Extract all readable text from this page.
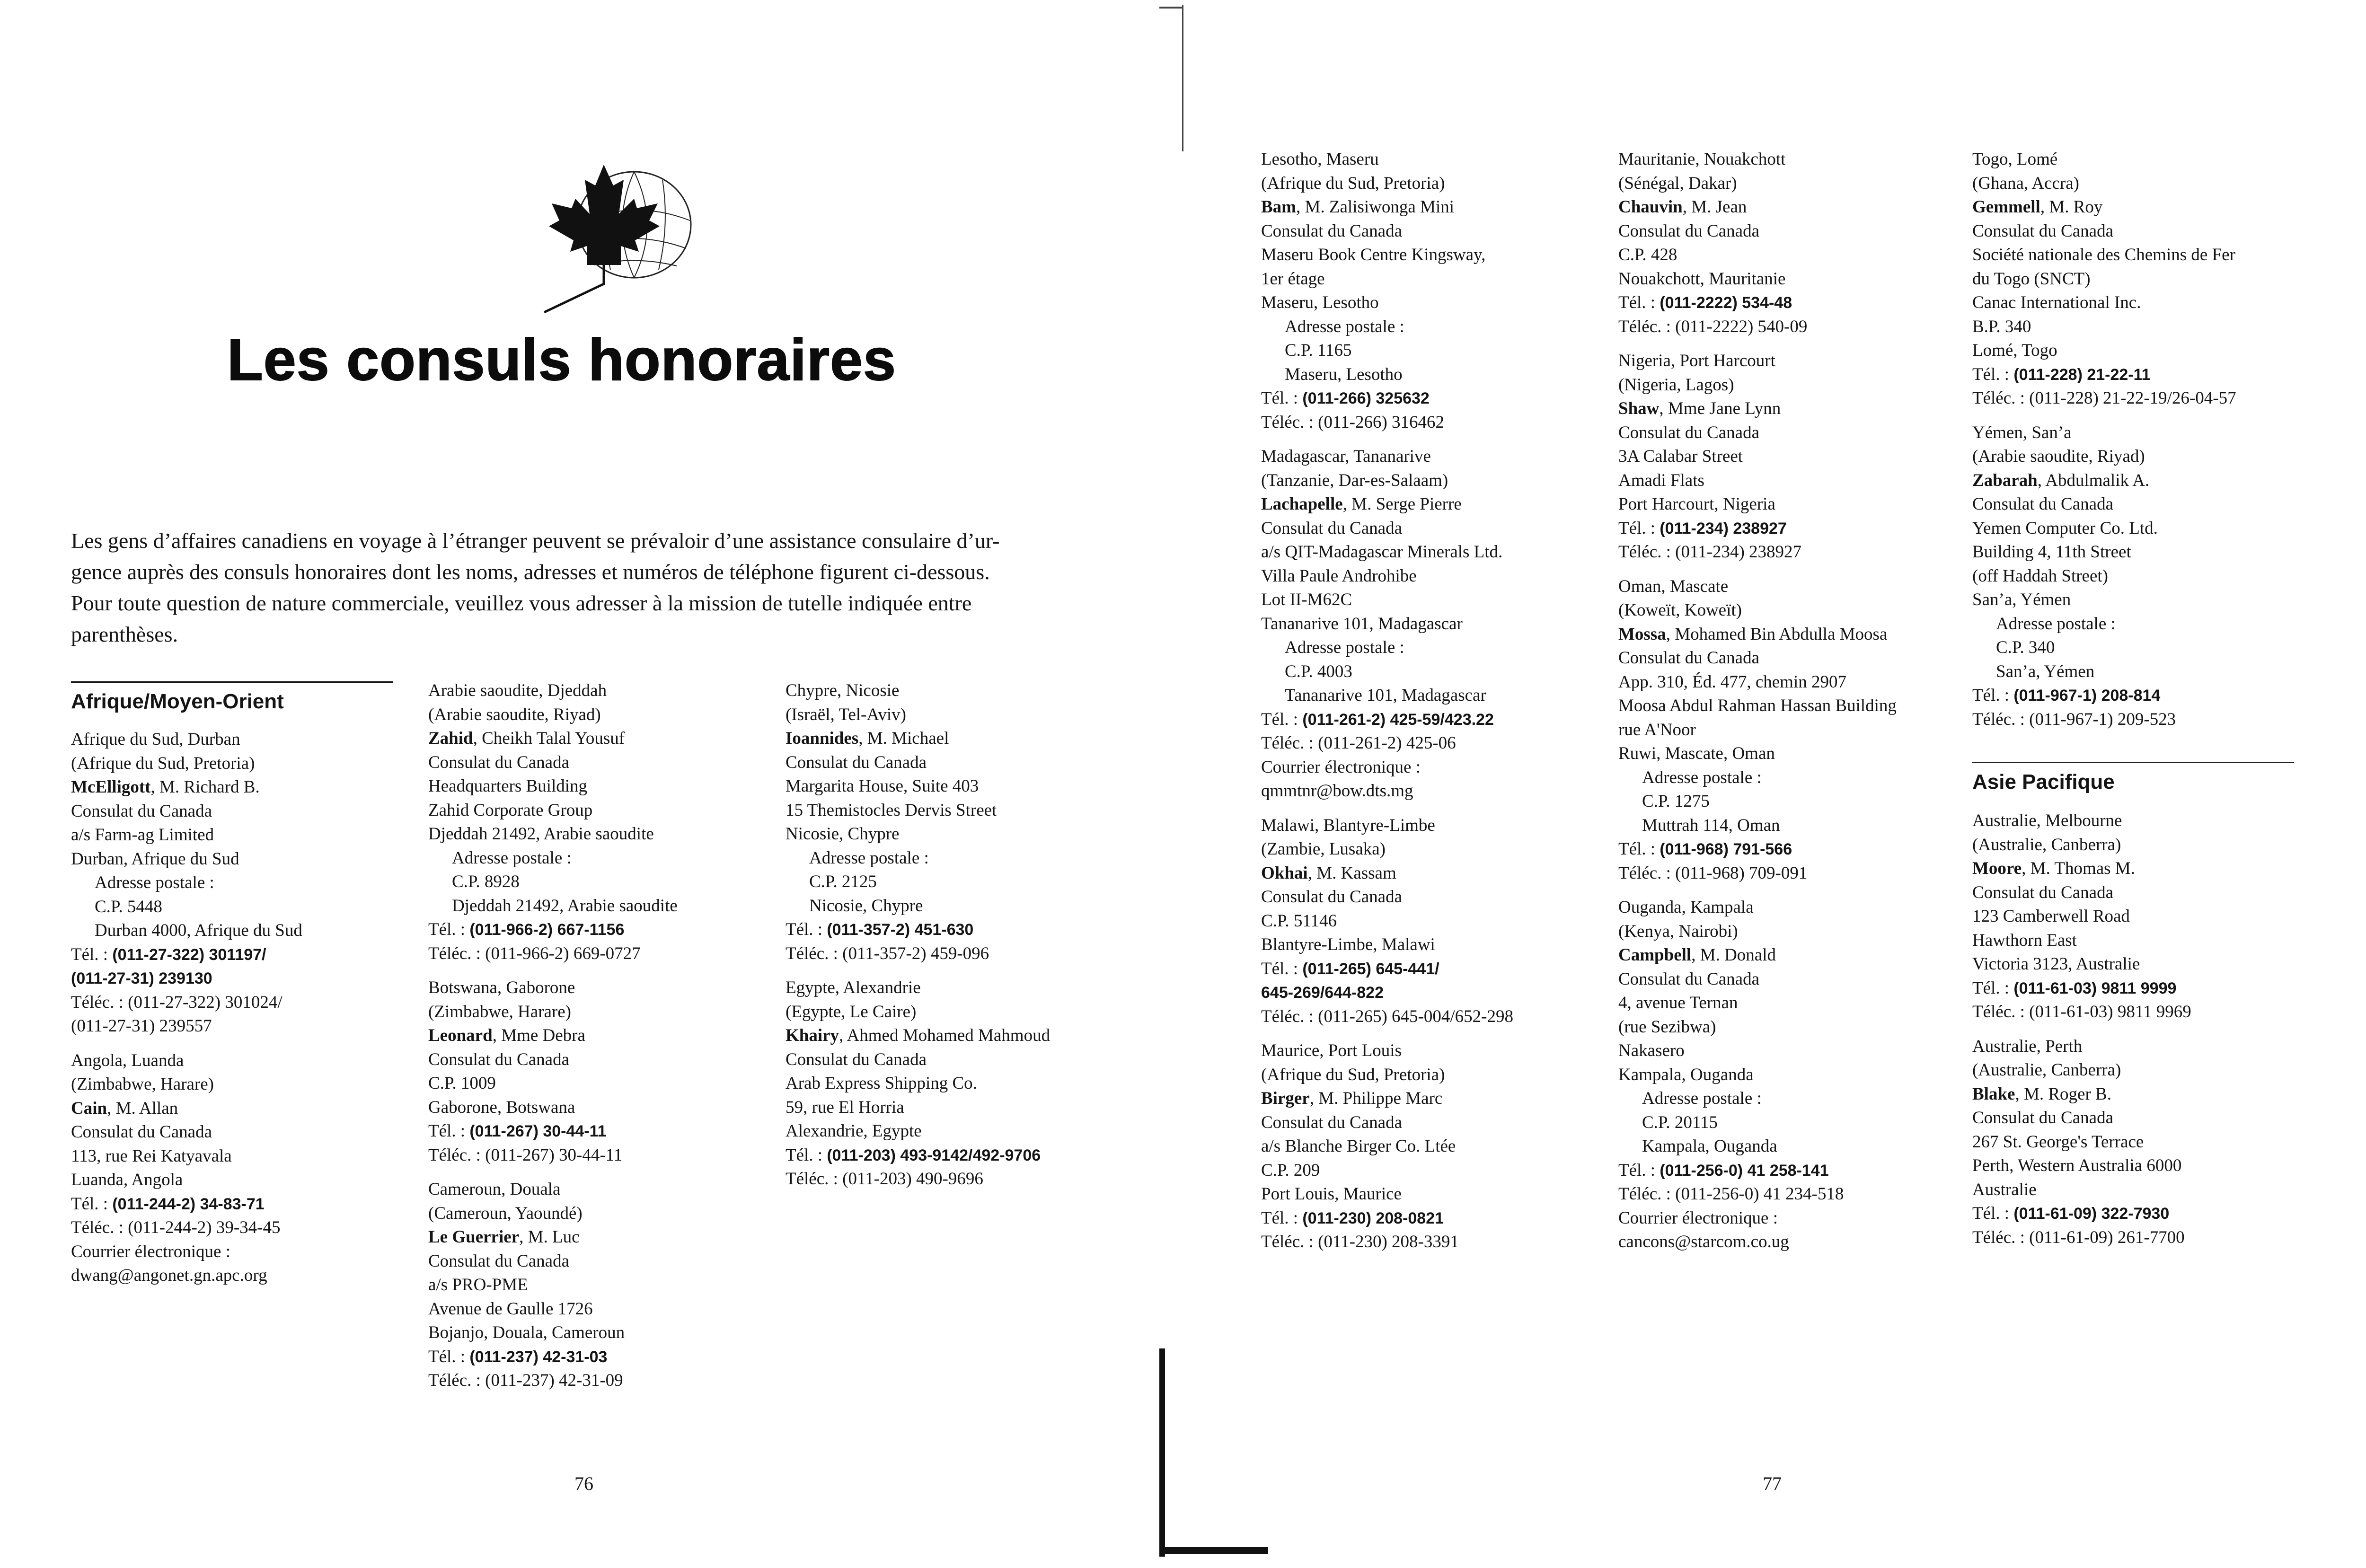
Les consuls honoraires

Les gens d’affaires canadiens en voyage à l’étranger peuvent se prévaloir d’une assistance consulaire d’ur-
gence auprès des consuls honoraires dont les noms, adresses et numéros de téléphone figurent ci-dessous.
Pour toute question de nature commerciale, veuillez vous adresser à la mission de tutelle indiquée entre
parenthèses.

Afrique/Moyen-Orient
Afrique du Sud, Durban
(Afrique du Sud, Pretoria)
McElligott, M. Richard B.
Consulat du Canada
a/s Farm-ag Limited
Durban, Afrique du Sud
Adresse postale :
C.P. 5448
Durban 4000, Afrique du Sud
Tél. : (011-27-322) 301197/
(011-27-31) 239130
Téléc. : (011-27-322) 301024/
(011-27-31) 239557
Angola, Luanda
(Zimbabwe, Harare)
Cain, M. Allan
Consulat du Canada
113, rue Rei Katyavala
Luanda, Angola
Tél. : (011-244-2) 34-83-71
Téléc. : (011-244-2) 39-34-45
Courrier électronique :
dwang@angonet.gn.apc.org
Arabie saoudite, Djeddah
(Arabie saoudite, Riyad)
Zahid, Cheikh Talal Yousuf
Consulat du Canada
Headquarters Building
Zahid Corporate Group
Djeddah 21492, Arabie saoudite
Adresse postale :
C.P. 8928
Djeddah 21492, Arabie saoudite
Tél. : (011-966-2) 667-1156
Téléc. : (011-966-2) 669-0727
Botswana, Gaborone
(Zimbabwe, Harare)
Leonard, Mme Debra
Consulat du Canada
C.P. 1009
Gaborone, Botswana
Tél. : (011-267) 30-44-11
Téléc. : (011-267) 30-44-11
Cameroun, Douala
(Cameroun, Yaoundé)
Le Guerrier, M. Luc
Consulat du Canada
a/s PRO-PME
Avenue de Gaulle 1726
Bojanjo, Douala, Cameroun
Tél. : (011-237) 42-31-03
Téléc. : (011-237) 42-31-09
Chypre, Nicosie
(Israël, Tel-Aviv)
Ioannides, M. Michael
Consulat du Canada
Margarita House, Suite 403
15 Themistocles Dervis Street
Nicosie, Chypre
Adresse postale :
C.P. 2125
Nicosie, Chypre
Tél. : (011-357-2) 451-630
Téléc. : (011-357-2) 459-096
Egypte, Alexandrie
(Egypte, Le Caire)
Khairy, Ahmed Mohamed Mahmoud
Consulat du Canada
Arab Express Shipping Co.
59, rue El Horria
Alexandrie, Egypte
Tél. : (011-203) 493-9142/492-9706
Téléc. : (011-203) 490-9696
76
Lesotho, Maseru
(Afrique du Sud, Pretoria)
Bam, M. Zalisiwonga Mini
Consulat du Canada
Maseru Book Centre Kingsway,
1er étage
Maseru, Lesotho
Adresse postale :
C.P. 1165
Maseru, Lesotho
Tél. : (011-266) 325632
Téléc. : (011-266) 316462
Madagascar, Tananarive
(Tanzanie, Dar-es-Salaam)
Lachapelle, M. Serge Pierre
Consulat du Canada
a/s QIT-Madagascar Minerals Ltd.
Villa Paule Androhibe
Lot II-M62C
Tananarive 101, Madagascar
Adresse postale :
C.P. 4003
Tananarive 101, Madagascar
Tél. : (011-261-2) 425-59/423.22
Téléc. : (011-261-2) 425-06
Courrier électronique :
qmmtnr@bow.dts.mg
Malawi, Blantyre-Limbe
(Zambie, Lusaka)
Okhai, M. Kassam
Consulat du Canada
C.P. 51146
Blantyre-Limbe, Malawi
Tél. : (011-265) 645-441/
645-269/644-822
Téléc. : (011-265) 645-004/652-298
Maurice, Port Louis
(Afrique du Sud, Pretoria)
Birger, M. Philippe Marc
Consulat du Canada
a/s Blanche Birger Co. Ltée
C.P. 209
Port Louis, Maurice
Tél. : (011-230) 208-0821
Téléc. : (011-230) 208-3391
Mauritanie, Nouakchott
(Sénégal, Dakar)
Chauvin, M. Jean
Consulat du Canada
C.P. 428
Nouakchott, Mauritanie
Tél. : (011-2222) 534-48
Téléc. : (011-2222) 540-09
Nigeria, Port Harcourt
(Nigeria, Lagos)
Shaw, Mme Jane Lynn
Consulat du Canada
3A Calabar Street
Amadi Flats
Port Harcourt, Nigeria
Tél. : (011-234) 238927
Téléc. : (011-234) 238927
Oman, Mascate
(Koweït, Koweït)
Mossa, Mohamed Bin Abdulla Moosa
Consulat du Canada
App. 310, Éd. 477, chemin 2907
Moosa Abdul Rahman Hassan Building
rue A'Noor
Ruwi, Mascate, Oman
Adresse postale :
C.P. 1275
Muttrah 114, Oman
Tél. : (011-968) 791-566
Téléc. : (011-968) 709-091
Ouganda, Kampala
(Kenya, Nairobi)
Campbell, M. Donald
Consulat du Canada
4, avenue Ternan
(rue Sezibwa)
Nakasero
Kampala, Ouganda
Adresse postale :
C.P. 20115
Kampala, Ouganda
Tél. : (011-256-0) 41 258-141
Téléc. : (011-256-0) 41 234-518
Courrier électronique :
cancons@starcom.co.ug
Togo, Lomé
(Ghana, Accra)
Gemmell, M. Roy
Consulat du Canada
Société nationale des Chemins de Fer
du Togo (SNCT)
Canac International Inc.
B.P. 340
Lomé, Togo
Tél. : (011-228) 21-22-11
Téléc. : (011-228) 21-22-19/26-04-57
Yémen, San’a
(Arabie saoudite, Riyad)
Zabarah, Abdulmalik A.
Consulat du Canada
Yemen Computer Co. Ltd.
Building 4, 11th Street
(off Haddah Street)
San’a, Yémen
Adresse postale :
C.P. 340
San’a, Yémen
Tél. : (011-967-1) 208-814
Téléc. : (011-967-1) 209-523
Asie Pacifique
Australie, Melbourne
(Australie, Canberra)
Moore, M. Thomas M.
Consulat du Canada
123 Camberwell Road
Hawthorn East
Victoria 3123, Australie
Tél. : (011-61-03) 9811 9999
Téléc. : (011-61-03) 9811 9969
Australie, Perth
(Australie, Canberra)
Blake, M. Roger B.
Consulat du Canada
267 St. George's Terrace
Perth, Western Australia 6000
Australie
Tél. : (011-61-09) 322-7930
Téléc. : (011-61-09) 261-7700
77
